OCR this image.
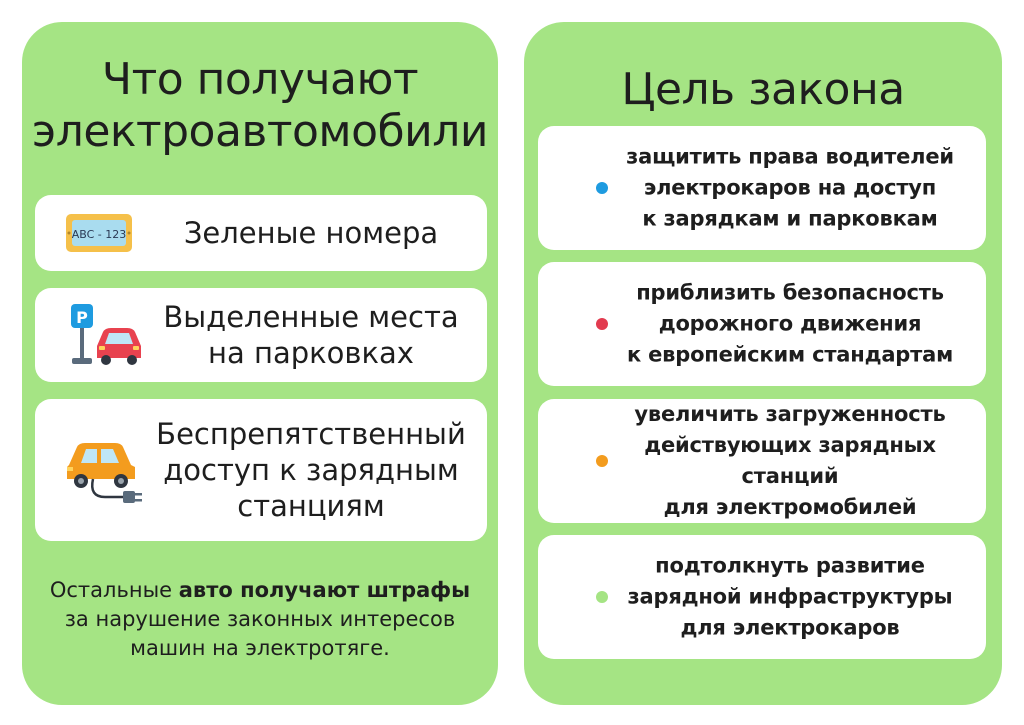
Что получают
электроавтомобили
ABC - 123	Зеленые номера
P	Выделенные места
на парковках
Беспрепятственный
доступ к зарядным
станциям
Остальные авто получают штрафы
за нарушение законных интересов
машин на электротяге.
Цель закона
защитить права водителей
электрокаров на доступ
к зарядкам и парковкам
приблизить безопасность
дорожного движения
к европейским стандартам
увеличить загруженность
действующих зарядных станций
для электромобилей
подтолкнуть развитие
зарядной инфраструктуры
для электрокаров
